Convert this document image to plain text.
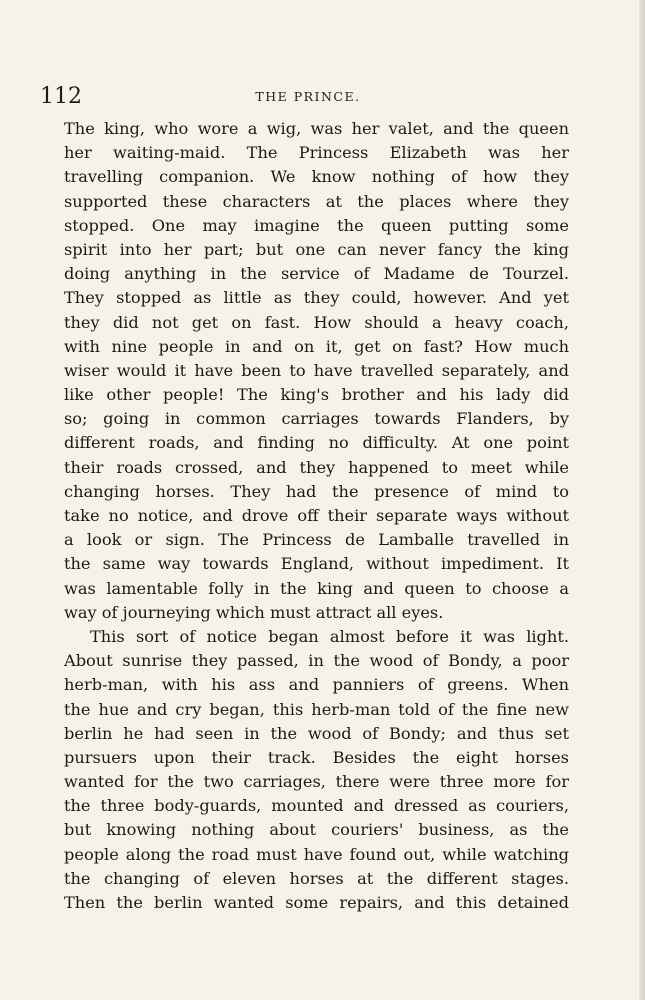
112	THE PRINCE.

The king, who wore a wig, was her valet, and the queen
her waiting-maid. The Princess Elizabeth was her
travelling companion. We know nothing of how they
supported these characters at the places where they
stopped. One may imagine the queen putting some
spirit into her part; but one can never fancy the king
doing anything in the service of Madame de Tourzel.
They stopped as little as they could, however. And yet
they did not get on fast. How should a heavy coach,
with nine people in and on it, get on fast? How much
wiser would it have been to have travelled separately, and
like other people! The king's brother and his lady did
so; going in common carriages towards Flanders, by
different roads, and finding no difficulty. At one point
their roads crossed, and they happened to meet while
changing horses. They had the presence of mind to
take no notice, and drove off their separate ways without
a look or sign. The Princess de Lamballe travelled in
the same way towards England, without impediment. It
was lamentable folly in the king and queen to choose a
way of journeying which must attract all eyes.

This sort of notice began almost before it was light.
About sunrise they passed, in the wood of Bondy, a poor
herb-man, with his ass and panniers of greens. When
the hue and cry began, this herb-man told of the fine new
berlin he had seen in the wood of Bondy; and thus set
pursuers upon their track. Besides the eight horses
wanted for the two carriages, there were three more for
the three body-guards, mounted and dressed as couriers,
but knowing nothing about couriers' business, as the
people along the road must have found out, while watching
the changing of eleven horses at the different stages.
Then the berlin wanted some repairs, and this detained
